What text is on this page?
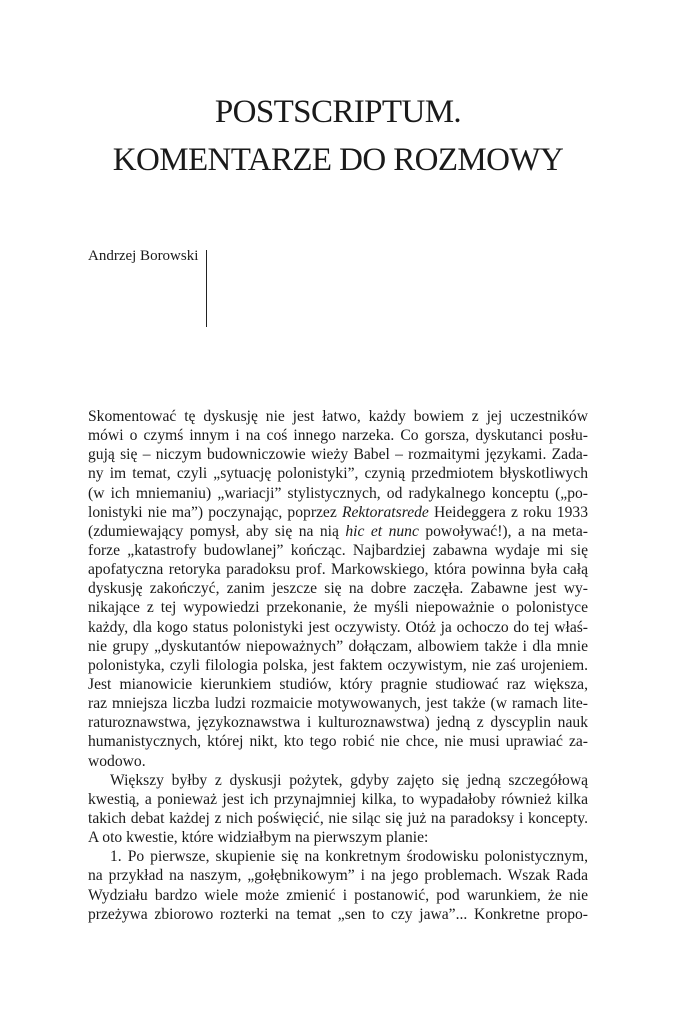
POSTSCRIPTUM.
KOMENTARZE DO ROZMOWY
Andrzej Borowski
Skomentować tę dyskusję nie jest łatwo, każdy bowiem z jej uczestników
mówi o czymś innym i na coś innego narzeka. Co gorsza, dyskutanci posłu-
gują się – niczym budowniczowie wieży Babel – rozmaitymi językami. Zada-
ny im temat, czyli „sytuację polonistyki”, czynią przedmiotem błyskotliwych
(w ich mniemaniu) „wariacji” stylistycznych, od radykalnego konceptu („po-
lonistyki nie ma”) poczynając, poprzez Rektoratsrede Heideggera z roku 1933
(zdumiewający pomysł, aby się na nią hic et nunc powoływać!), a na meta-
forze „katastrofy budowlanej” kończąc. Najbardziej zabawna wydaje mi się
apofatyczna retoryka paradoksu prof. Markowskiego, która powinna była całą
dyskusję zakończyć, zanim jeszcze się na dobre zaczęła. Zabawne jest wy-
nikające z tej wypowiedzi przekonanie, że myśli niepoważnie o polonistyce
każdy, dla kogo status polonistyki jest oczywisty. Otóż ja ochoczo do tej właś-
nie grupy „dyskutantów niepoważnych” dołączam, albowiem także i dla mnie
polonistyka, czyli filologia polska, jest faktem oczywistym, nie zaś urojeniem.
Jest mianowicie kierunkiem studiów, który pragnie studiować raz większa,
raz mniejsza liczba ludzi rozmaicie motywowanych, jest także (w ramach lite-
raturoznawstwa, językoznawstwa i kulturoznawstwa) jedną z dyscyplin nauk
humanistycznych, której nikt, kto tego robić nie chce, nie musi uprawiać za-
wodowo.
Większy byłby z dyskusji pożytek, gdyby zajęto się jedną szczegółową
kwestią, a ponieważ jest ich przynajmniej kilka, to wypadałoby również kilka
takich debat każdej z nich poświęcić, nie siląc się już na paradoksy i koncepty.
A oto kwestie, które widziałbym na pierwszym planie:
1. Po pierwsze, skupienie się na konkretnym środowisku polonistycznym,
na przykład na naszym, „gołębnikowym” i na jego problemach. Wszak Rada
Wydziału bardzo wiele może zmienić i postanowić, pod warunkiem, że nie
przeżywa zbiorowo rozterki na temat „sen to czy jawa”... Konkretne propo-
